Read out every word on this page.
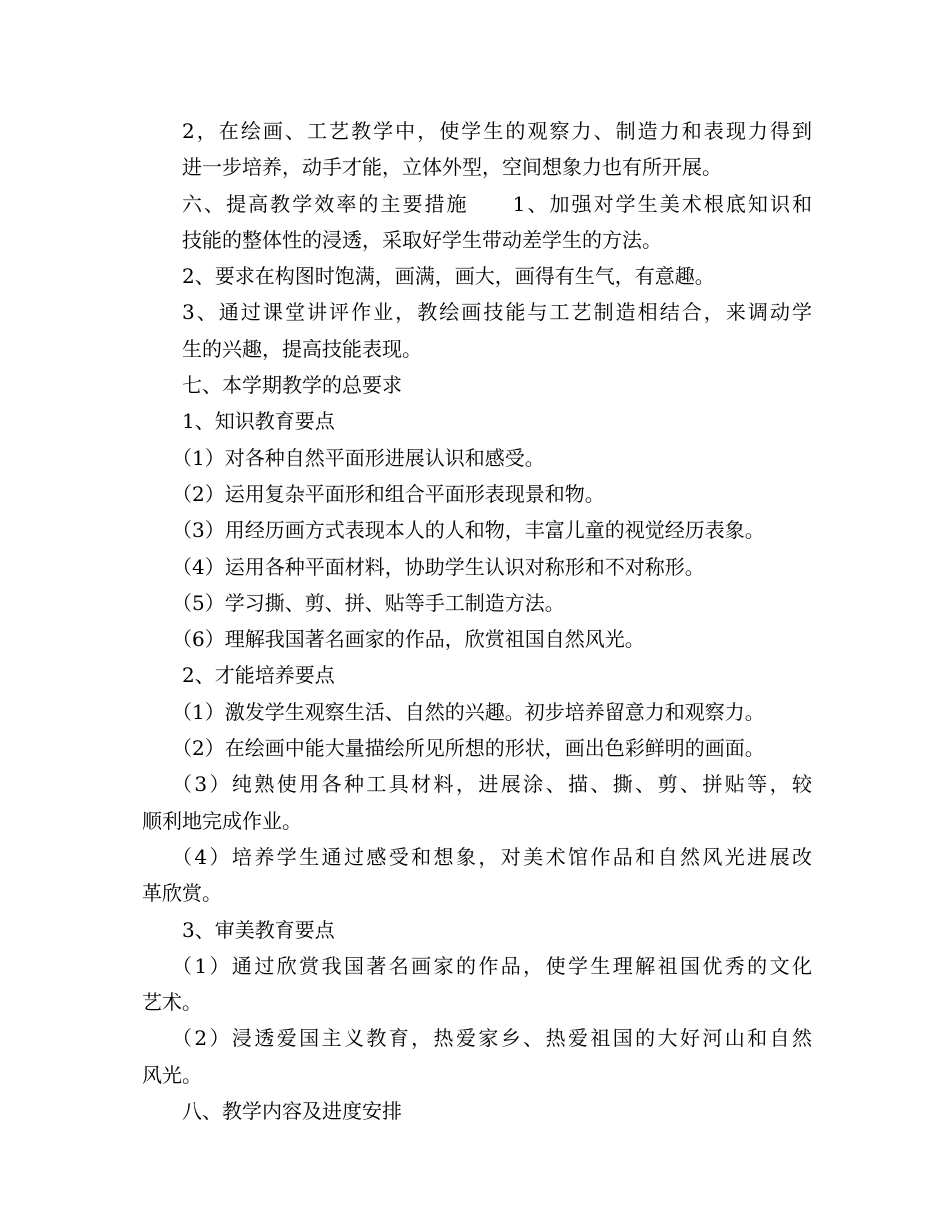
2，在绘画、工艺教学中，使学生的观察力、制造力和表现力得到
进一步培养，动手才能，立体外型，空间想象力也有所开展。
六、提高教学效率的主要措施　　1、加强对学生美术根底知识和
技能的整体性的浸透，采取好学生带动差学生的方法。
2、要求在构图时饱满，画满，画大，画得有生气，有意趣。
3、通过课堂讲评作业，教绘画技能与工艺制造相结合，来调动学
生的兴趣，提高技能表现。
七、本学期教学的总要求
1、知识教育要点
（1）对各种自然平面形进展认识和感受。
（2）运用复杂平面形和组合平面形表现景和物。
（3）用经历画方式表现本人的人和物，丰富儿童的视觉经历表象。
（4）运用各种平面材料，协助学生认识对称形和不对称形。
（5）学习撕、剪、拼、贴等手工制造方法。
（6）理解我国著名画家的作品，欣赏祖国自然风光。
2、才能培养要点
（1）激发学生观察生活、自然的兴趣。初步培养留意力和观察力。
（2）在绘画中能大量描绘所见所想的形状，画出色彩鲜明的画面。
（3）纯熟使用各种工具材料，进展涂、描、撕、剪、拼贴等，较
顺利地完成作业。
（4）培养学生通过感受和想象，对美术馆作品和自然风光进展改
革欣赏。
3、审美教育要点
（1）通过欣赏我国著名画家的作品，使学生理解祖国优秀的文化
艺术。
（2）浸透爱国主义教育，热爱家乡、热爱祖国的大好河山和自然
风光。
八、教学内容及进度安排
